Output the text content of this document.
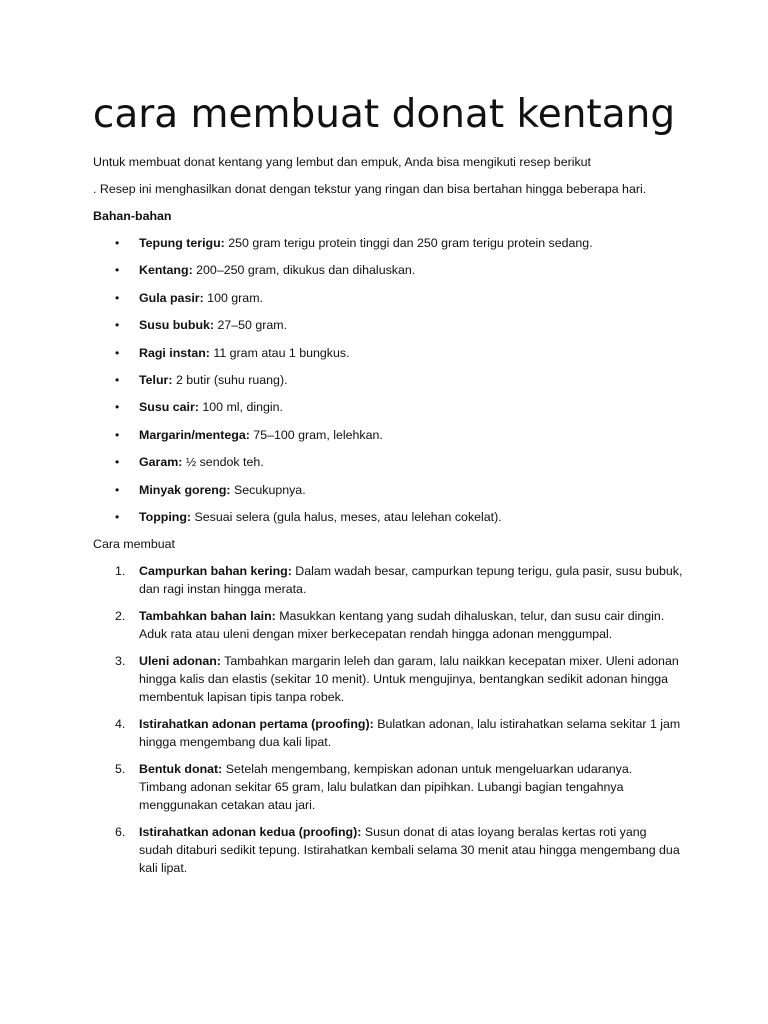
cara membuat donat kentang

Untuk membuat donat kentang yang lembut dan empuk, Anda bisa mengikuti resep berikut

. Resep ini menghasilkan donat dengan tekstur yang ringan dan bisa bertahan hingga beberapa hari.

Bahan-bahan

• Tepung terigu: 250 gram terigu protein tinggi dan 250 gram terigu protein sedang.
• Kentang: 200–250 gram, dikukus dan dihaluskan.
• Gula pasir: 100 gram.
• Susu bubuk: 27–50 gram.
• Ragi instan: 11 gram atau 1 bungkus.
• Telur: 2 butir (suhu ruang).
• Susu cair: 100 ml, dingin.
• Margarin/mentega: 75–100 gram, lelehkan.
• Garam: ½ sendok teh.
• Minyak goreng: Secukupnya.
• Topping: Sesuai selera (gula halus, meses, atau lelehan cokelat).

Cara membuat

1. Campurkan bahan kering: Dalam wadah besar, campurkan tepung terigu, gula pasir, susu bubuk, dan ragi instan hingga merata.
2. Tambahkan bahan lain: Masukkan kentang yang sudah dihaluskan, telur, dan susu cair dingin. Aduk rata atau uleni dengan mixer berkecepatan rendah hingga adonan menggumpal.
3. Uleni adonan: Tambahkan margarin leleh dan garam, lalu naikkan kecepatan mixer. Uleni adonan hingga kalis dan elastis (sekitar 10 menit). Untuk mengujinya, bentangkan sedikit adonan hingga membentuk lapisan tipis tanpa robek.
4. Istirahatkan adonan pertama (proofing): Bulatkan adonan, lalu istirahatkan selama sekitar 1 jam hingga mengembang dua kali lipat.
5. Bentuk donat: Setelah mengembang, kempiskan adonan untuk mengeluarkan udaranya. Timbang adonan sekitar 65 gram, lalu bulatkan dan pipihkan. Lubangi bagian tengahnya menggunakan cetakan atau jari.
6. Istirahatkan adonan kedua (proofing): Susun donat di atas loyang beralas kertas roti yang sudah ditaburi sedikit tepung. Istirahatkan kembali selama 30 menit atau hingga mengembang dua kali lipat.
